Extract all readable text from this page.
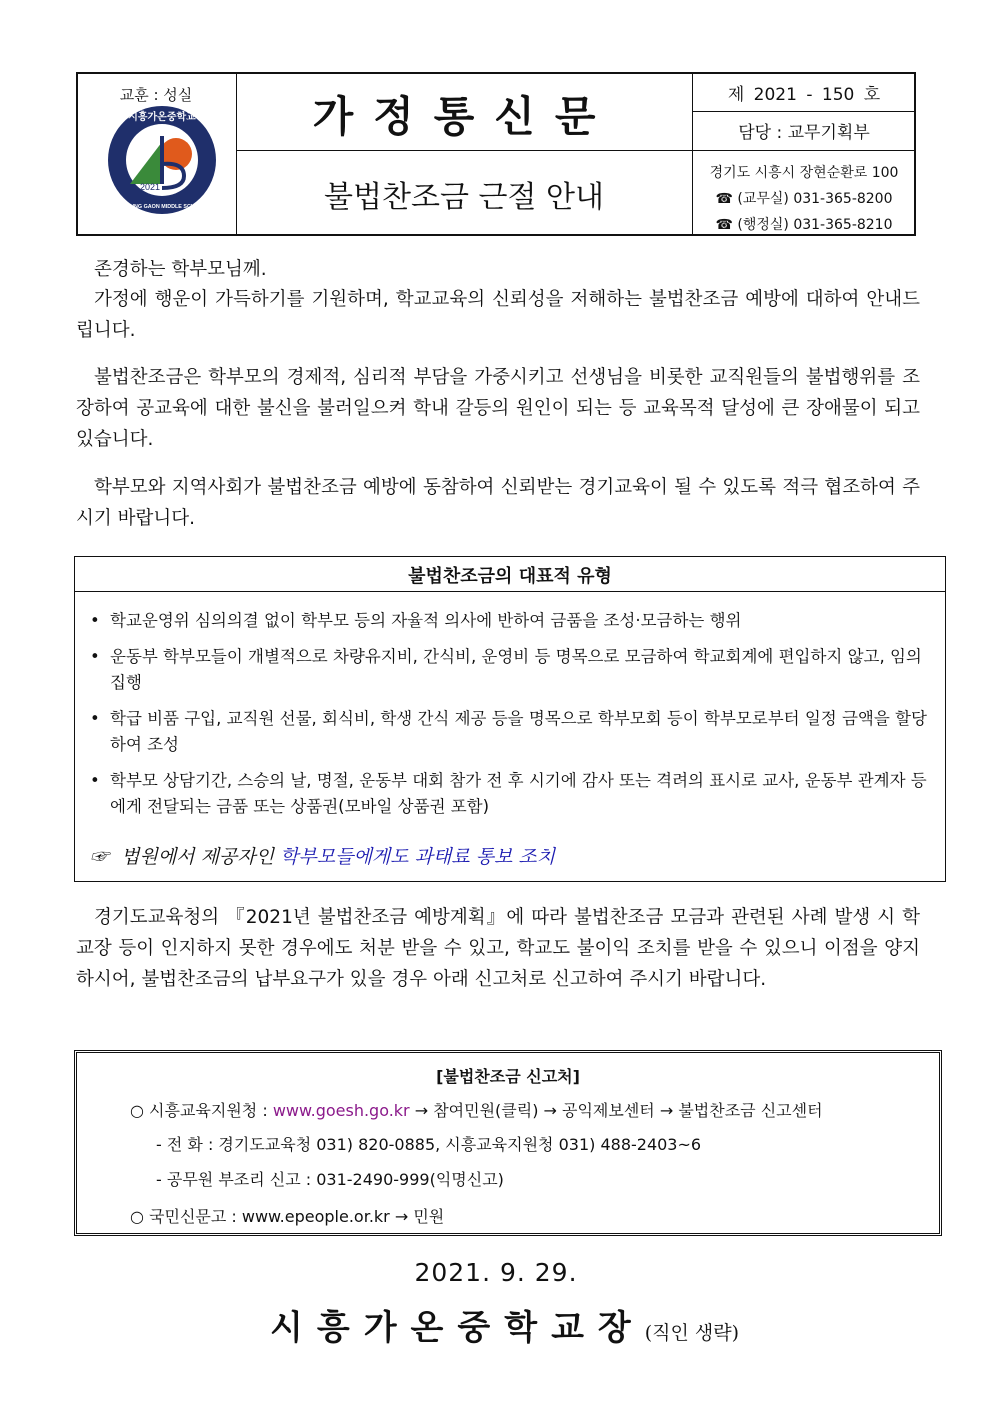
교훈 : 성실
2021
시흥가온중학교
SIHEUNG GAON MIDDLE SCHOOL
가정통신문
불법찬조금 근절 안내
제 2021 - 150 호
담당 : 교무기획부
경기도 시흥시 장현순환로 100
☎ (교무실) 031-365-8200
☎ (행정실) 031-365-8210
존경하는 학부모님께.
가정에 행운이 가득하기를 기원하며, 학교교육의 신뢰성을 저해하는 불법찬조금 예방에 대하여 안내드립니다.
불법찬조금은 학부모의 경제적, 심리적 부담을 가중시키고 선생님을 비롯한 교직원들의 불법행위를 조장하여 공교육에 대한 불신을 불러일으켜 학내 갈등의 원인이 되는 등 교육목적 달성에 큰 장애물이 되고 있습니다.
학부모와 지역사회가 불법찬조금 예방에 동참하여 신뢰받는 경기교육이 될 수 있도록 적극 협조하여 주시기 바랍니다.
불법찬조금의 대표적 유형
• 학교운영위 심의의결 없이 학부모 등의 자율적 의사에 반하여 금품을 조성·모금하는 행위
• 운동부 학부모들이 개별적으로 차량유지비, 간식비, 운영비 등 명목으로 모금하여 학교회계에 편입하지 않고, 임의 집행
• 학급 비품 구입, 교직원 선물, 회식비, 학생 간식 제공 등을 명목으로 학부모회 등이 학부모로부터 일정 금액을 할당하여 조성
• 학부모 상담기간, 스승의 날, 명절, 운동부 대회 참가 전 후 시기에 감사 또는 격려의 표시로 교사, 운동부 관계자 등에게 전달되는 금품 또는 상품권(모바일 상품권 포함)
☞ 법원에서 제공자인 학부모들에게도 과태료 통보 조치
경기도교육청의 『2021년 불법찬조금 예방계획』에 따라 불법찬조금 모금과 관련된 사례 발생 시 학교장 등이 인지하지 못한 경우에도 처분 받을 수 있고, 학교도 불이익 조치를 받을 수 있으니 이점을 양지하시어, 불법찬조금의 납부요구가 있을 경우 아래 신고처로 신고하여 주시기 바랍니다.
[불법찬조금 신고처]
○ 시흥교육지원청 : www.goesh.go.kr → 참여민원(클릭) → 공익제보센터 → 불법찬조금 신고센터
- 전 화 : 경기도교육청 031) 820-0885, 시흥교육지원청 031) 488-2403~6
- 공무원 부조리 신고 : 031-2490-999(익명신고)
○ 국민신문고 : www.epeople.or.kr → 민원
2021. 9. 29.
시흥가온중학교장(직인 생략)
